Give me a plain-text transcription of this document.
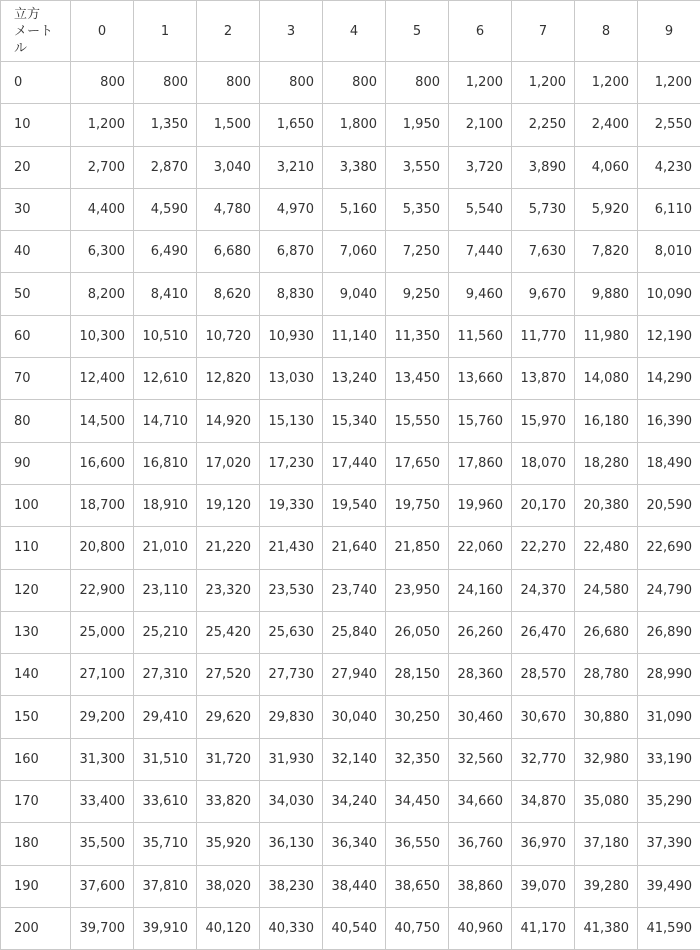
立方
メートル	0	1	2	3	4	5	6	7	8	9
0	800	800	800	800	800	800	1,200	1,200	1,200	1,200
10	1,200	1,350	1,500	1,650	1,800	1,950	2,100	2,250	2,400	2,550
20	2,700	2,870	3,040	3,210	3,380	3,550	3,720	3,890	4,060	4,230
30	4,400	4,590	4,780	4,970	5,160	5,350	5,540	5,730	5,920	6,110
40	6,300	6,490	6,680	6,870	7,060	7,250	7,440	7,630	7,820	8,010
50	8,200	8,410	8,620	8,830	9,040	9,250	9,460	9,670	9,880	10,090
60	10,300	10,510	10,720	10,930	11,140	11,350	11,560	11,770	11,980	12,190
70	12,400	12,610	12,820	13,030	13,240	13,450	13,660	13,870	14,080	14,290
80	14,500	14,710	14,920	15,130	15,340	15,550	15,760	15,970	16,180	16,390
90	16,600	16,810	17,020	17,230	17,440	17,650	17,860	18,070	18,280	18,490
100	18,700	18,910	19,120	19,330	19,540	19,750	19,960	20,170	20,380	20,590
110	20,800	21,010	21,220	21,430	21,640	21,850	22,060	22,270	22,480	22,690
120	22,900	23,110	23,320	23,530	23,740	23,950	24,160	24,370	24,580	24,790
130	25,000	25,210	25,420	25,630	25,840	26,050	26,260	26,470	26,680	26,890
140	27,100	27,310	27,520	27,730	27,940	28,150	28,360	28,570	28,780	28,990
150	29,200	29,410	29,620	29,830	30,040	30,250	30,460	30,670	30,880	31,090
160	31,300	31,510	31,720	31,930	32,140	32,350	32,560	32,770	32,980	33,190
170	33,400	33,610	33,820	34,030	34,240	34,450	34,660	34,870	35,080	35,290
180	35,500	35,710	35,920	36,130	36,340	36,550	36,760	36,970	37,180	37,390
190	37,600	37,810	38,020	38,230	38,440	38,650	38,860	39,070	39,280	39,490
200	39,700	39,910	40,120	40,330	40,540	40,750	40,960	41,170	41,380	41,590
